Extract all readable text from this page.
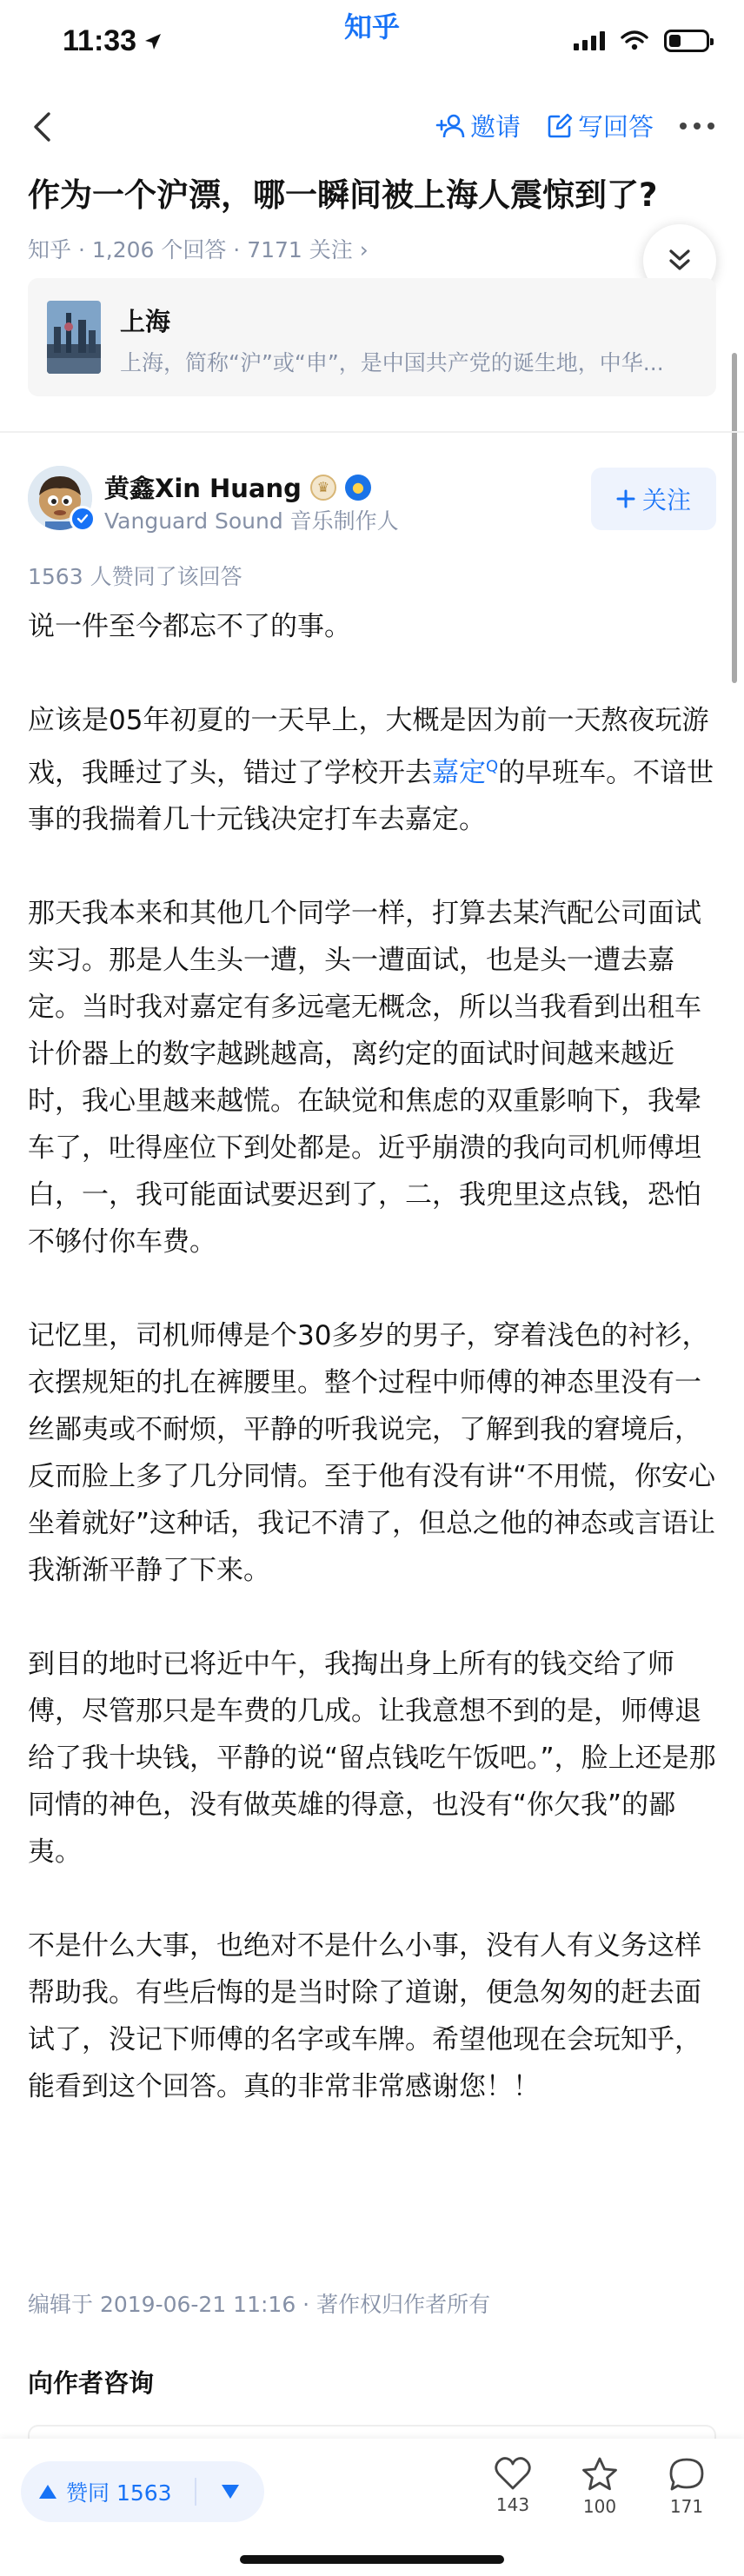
11:33	知乎
邀请 写回答
作为一个沪漂，哪一瞬间被上海人震惊到了?
知乎 · 1,206 个回答 · 7171 关注 ›
上海
上海，简称“沪”或“申”，是中国共产党的诞生地，中华...
黄鑫Xin Huang	♛	●
Vanguard Sound 音乐制作人
关注
1563 人赞同了该回答

说一件至今都忘不了的事。

应该是05年初夏的一天早上，大概是因为前一天熬夜玩游戏，我睡过了头，错过了学校开去嘉定$^Q$的早班车。不谙世事的我揣着几十元钱决定打车去嘉定。

那天我本来和其他几个同学一样，打算去某汽配公司面试实习。那是人生头一遭，头一遭面试，也是头一遭去嘉定。当时我对嘉定有多远毫无概念，所以当我看到出租车计价器上的数字越跳越高，离约定的面试时间越来越近时，我心里越来越慌。在缺觉和焦虑的双重影响下，我晕车了，吐得座位下到处都是。近乎崩溃的我向司机师傅坦白，一，我可能面试要迟到了，二，我兜里这点钱，恐怕不够付你车费。

记忆里，司机师傅是个30多岁的男子，穿着浅色的衬衫，衣摆规矩的扎在裤腰里。整个过程中师傅的神态里没有一丝鄙夷或不耐烦，平静的听我说完，了解到我的窘境后，反而脸上多了几分同情。至于他有没有讲“不用慌，你安心坐着就好”这种话，我记不清了，但总之他的神态或言语让我渐渐平静了下来。

到目的地时已将近中午，我掏出身上所有的钱交给了师傅，尽管那只是车费的几成。让我意想不到的是，师傅退给了我十块钱，平静的说“留点钱吃午饭吧。”，脸上还是那同情的神色，没有做英雄的得意，也没有“你欠我”的鄙夷。

不是什么大事，也绝对不是什么小事，没有人有义务这样帮助我。有些后悔的是当时除了道谢，便急匆匆的赶去面试了，没记下师傅的名字或车牌。希望他现在会玩知乎，能看到这个回答。真的非常非常感谢您！！

编辑于 2019-06-21 11:16 · 著作权归作者所有
向作者咨询
赞同 1563	143	100	171
